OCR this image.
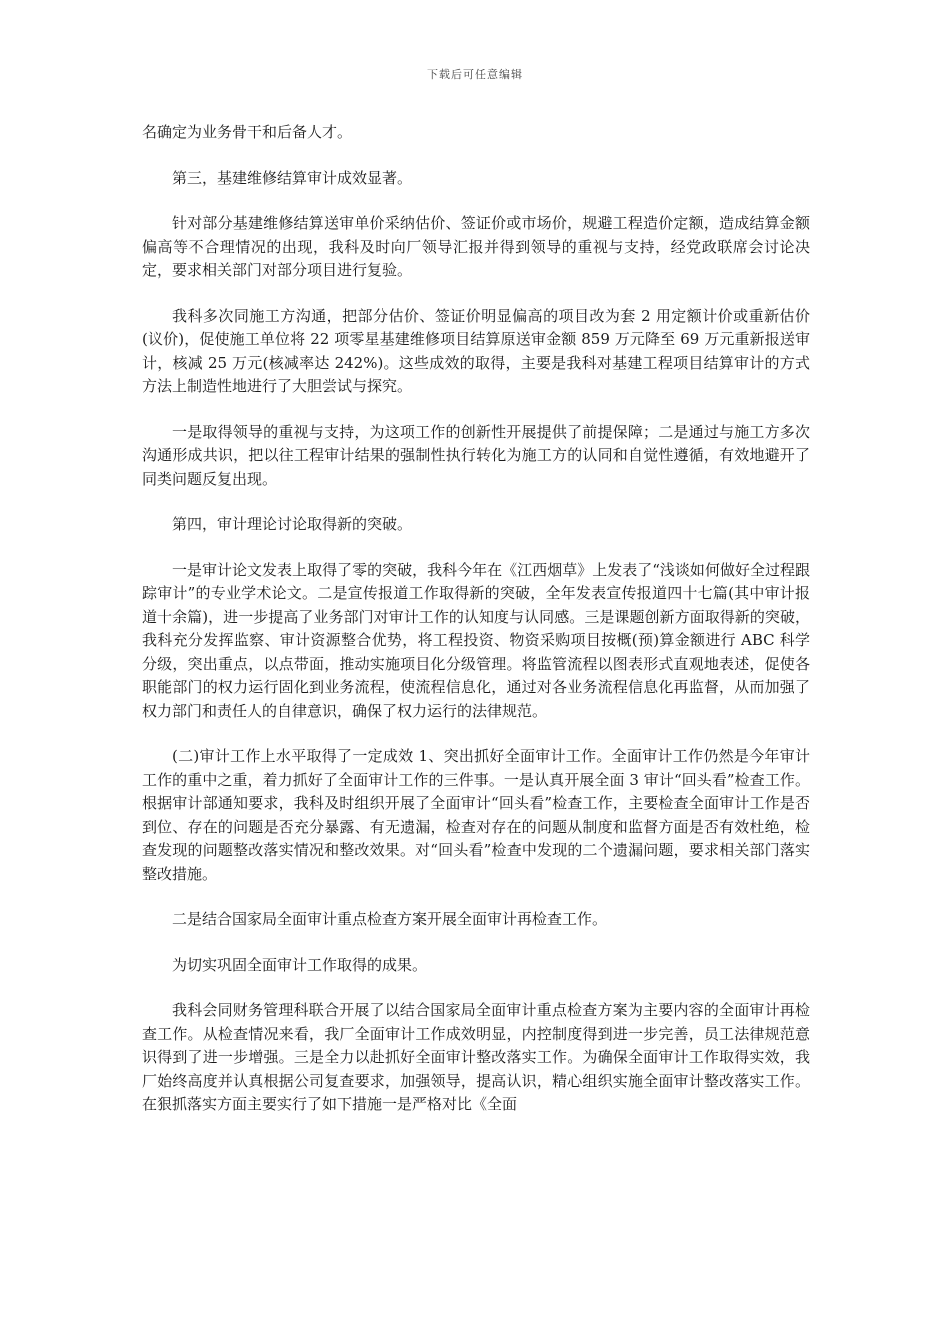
下载后可任意编辑

名确定为业务骨干和后备人才。

第三，基建维修结算审计成效显著。

针对部分基建维修结算送审单价采纳估价、签证价或市场价，规避工程造价定额，造成结算金额偏高等不合理情况的出现，我科及时向厂领导汇报并得到领导的重视与支持，经党政联席会讨论决定，要求相关部门对部分项目进行复验。

我科多次同施工方沟通，把部分估价、签证价明显偏高的项目改为套 2 用定额计价或重新估价(议价)，促使施工单位将 22 项零星基建维修项目结算原送审金额 859 万元降至 69 万元重新报送审计，核减 25 万元(核减率达 242%)。这些成效的取得，主要是我科对基建工程项目结算审计的方式方法上制造性地进行了大胆尝试与探究。

一是取得领导的重视与支持，为这项工作的创新性开展提供了前提保障；二是通过与施工方多次沟通形成共识，把以往工程审计结果的强制性执行转化为施工方的认同和自觉性遵循，有效地避开了同类问题反复出现。

第四，审计理论讨论取得新的突破。

一是审计论文发表上取得了零的突破，我科今年在《江西烟草》上发表了“浅谈如何做好全过程跟踪审计”的专业学术论文。二是宣传报道工作取得新的突破，全年发表宣传报道四十七篇(其中审计报道十余篇)，进一步提高了业务部门对审计工作的认知度与认同感。三是课题创新方面取得新的突破，我科充分发挥监察、审计资源整合优势，将工程投资、物资采购项目按概(预)算金额进行 ABC 科学分级，突出重点，以点带面，推动实施项目化分级管理。将监管流程以图表形式直观地表述，促使各职能部门的权力运行固化到业务流程，使流程信息化，通过对各业务流程信息化再监督，从而加强了权力部门和责任人的自律意识，确保了权力运行的法律规范。

(二)审计工作上水平取得了一定成效 1、突出抓好全面审计工作。全面审计工作仍然是今年审计工作的重中之重，着力抓好了全面审计工作的三件事。一是认真开展全面 3 审计“回头看”检查工作。根据审计部通知要求，我科及时组织开展了全面审计“回头看”检查工作，主要检查全面审计工作是否到位、存在的问题是否充分暴露、有无遗漏，检查对存在的问题从制度和监督方面是否有效杜绝，检查发现的问题整改落实情况和整改效果。对“回头看”检查中发现的二个遗漏问题，要求相关部门落实整改措施。

二是结合国家局全面审计重点检查方案开展全面审计再检查工作。

为切实巩固全面审计工作取得的成果。

我科会同财务管理科联合开展了以结合国家局全面审计重点检查方案为主要内容的全面审计再检查工作。从检查情况来看，我厂全面审计工作成效明显，内控制度得到进一步完善，员工法律规范意识得到了进一步增强。三是全力以赴抓好全面审计整改落实工作。为确保全面审计工作取得实效，我厂始终高度并认真根据公司复查要求，加强领导，提高认识，精心组织实施全面审计整改落实工作。在狠抓落实方面主要实行了如下措施一是严格对比《全面
